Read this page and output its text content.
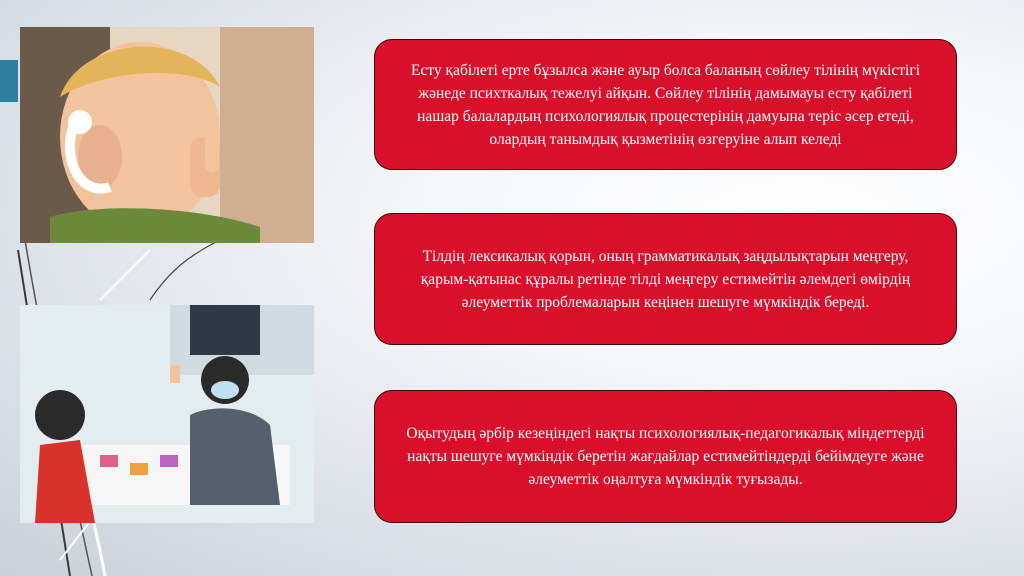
Есту қабілеті ерте бұзылса және ауыр болса баланың сөйлеу тілінің мүкістігі жәнеде психткалық тежелуі айқын. Сөйлеу тілінің дамымауы есту қабілеті нашар балалардың психологиялық процестерінің дамуына теріс әсер етеді, олардың танымдық қызметінің өзгеруіне алып келеді
Тілдің лексикалық қорын, оның грамматикалық заңдылықтарын меңгеру, қарым-қатынас құралы ретінде тілді меңгеру естимейтін әлемдегі өмірдің әлеуметтік проблемаларын кеңінен шешуге мүмкіндік береді.
Оқытудың әрбір кезеңіндегі нақты психологиялық-педагогикалық міндеттерді нақты шешуге мүмкіндік беретін жағдайлар естимейтіндерді бейімдеуге және әлеуметтік оңалтуға мүмкіндік туғызады.
